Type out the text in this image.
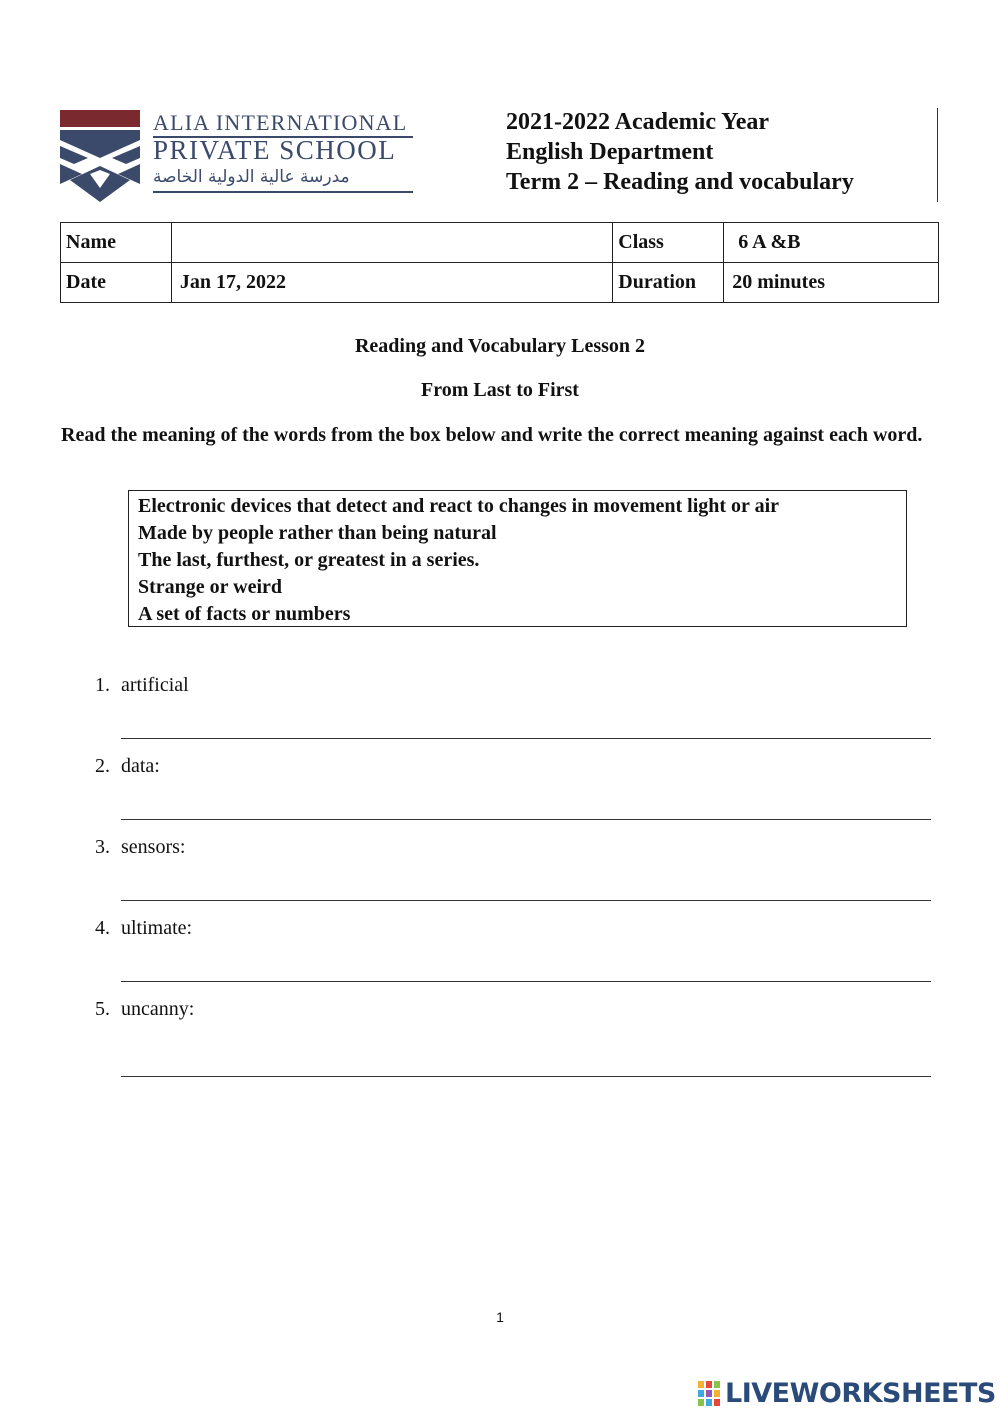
ALIA INTERNATIONAL
PRIVATE SCHOOL
مدرسة عالية الدولية الخاصة
2021-2022 Academic Year
English Department
Term 2 – Reading and vocabulary
Name		Class	6 A &B
Date	Jan 17, 2022	Duration	20 minutes
Reading and Vocabulary Lesson 2
From Last to First
Read the meaning of the words from the box below and write the correct meaning against each word.
Electronic devices that detect and react to changes in movement light or air
Made by people rather than being natural
The last, furthest, or greatest in a series.
Strange or weird
A set of facts or numbers
1. artificial
2. data:
3. sensors:
4. ultimate:
5. uncanny:
1
LIVEWORKSHEETS
